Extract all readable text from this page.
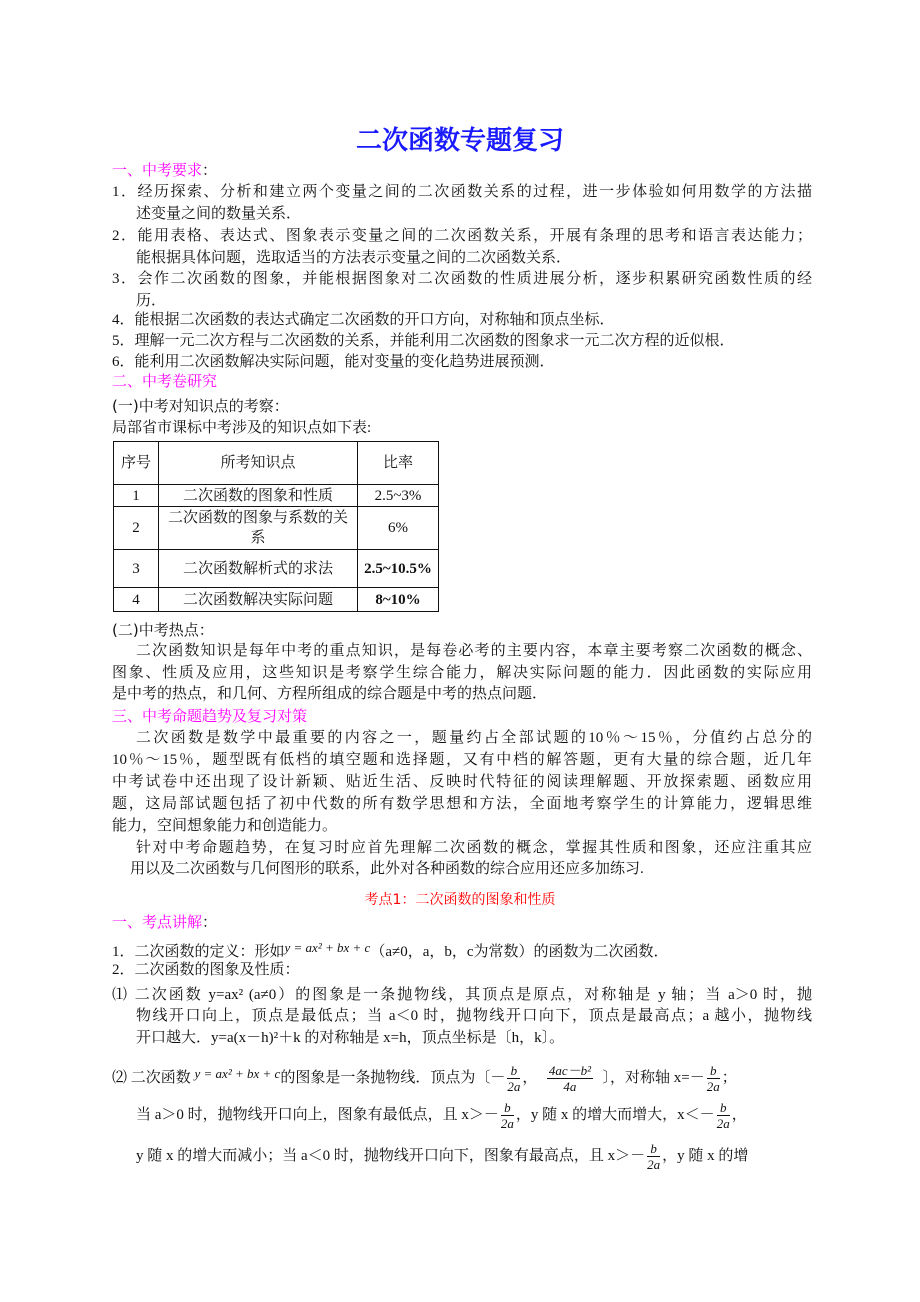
二次函数专题复习
一、中考要求：
1．经历探索、分析和建立两个变量之间的二次函数关系的过程，进一步体验如何用数学的方法描
述变量之间的数量关系．
2．能用表格、表达式、图象表示变量之间的二次函数关系，开展有条理的思考和语言表达能力；
能根据具体问题，选取适当的方法表示变量之间的二次函数关系．
3．会作二次函数的图象，并能根据图象对二次函数的性质进展分析，逐步积累研究函数性质的经
历．
4．能根据二次函数的表达式确定二次函数的开口方向，对称轴和顶点坐标．
5．理解一元二次方程与二次函数的关系，并能利用二次函数的图象求一元二次方程的近似根．
6．能利用二次函数解决实际问题，能对变量的变化趋势进展预测．
二、中考卷研究
(一)中考对知识点的考察：
局部省市课标中考涉及的知识点如下表:
序号	所考知识点	比率
1	二次函数的图象和性质	2.5~3%
2	二次函数的图象与系数的关系	6%
3	二次函数解析式的求法	2.5~10.5%
4	二次函数解决实际问题	8~10%
(二)中考热点：
二次函数知识是每年中考的重点知识，是每卷必考的主要内容，本章主要考察二次函数的概念、
图象、性质及应用，这些知识是考察学生综合能力，解决实际问题的能力．因此函数的实际应用
是中考的热点，和几何、方程所组成的综合题是中考的热点问题．
三、中考命题趋势及复习对策
二次函数是数学中最重要的内容之一，题量约占全部试题的10％～15％，分值约占总分的
10％～15％，题型既有低档的填空题和选择题，又有中档的解答题，更有大量的综合题，近几年
中考试卷中还出现了设计新颖、贴近生活、反映时代特征的阅读理解题、开放探索题、函数应用
题，这局部试题包括了初中代数的所有数学思想和方法，全面地考察学生的计算能力，逻辑思维
能力，空间想象能力和创造能力。
针对中考命题趋势，在复习时应首先理解二次函数的概念，掌握其性质和图象，还应注重其应
用以及二次函数与几何图形的联系，此外对各种函数的综合应用还应多加练习.
考点1：二次函数的图象和性质
一、考点讲解：
1．二次函数的定义：形如y = ax² + bx + c（a≠0，a，b，c为常数）的函数为二次函数．
2．二次函数的图象及性质：
⑴ 二次函数 y=ax² (a≠0）的图象是一条抛物线，其顶点是原点，对称轴是 y 轴；当 a＞0 时，抛
物线开口向上，顶点是最低点；当 a＜0 时，抛物线开口向下，顶点是最高点；a 越小，抛物线
开口越大．y=a(x－h)²＋k 的对称轴是 x=h，顶点坐标是〔h，k〕。
⑵ 二次函数 y = ax² + bx + c的图象是一条抛物线．顶点为〔－ $\frac{b}{2a}$ ， $\frac{\text{4ac－b²}}{4a}$ 〕，对称轴 $x=- \frac{b}{2a}$ ；
当 a＞0 时，抛物线开口向上，图象有最低点，且 $x>- \frac{b}{2a}$ ，y 随 x 的增大而增大，$x<- \frac{b}{2a}$ ，
y 随 x 的增大而减小；当 a＜0 时，抛物线开口向下，图象有最高点，且 $x>- \frac{b}{2a}$ ，y 随 x 的增
